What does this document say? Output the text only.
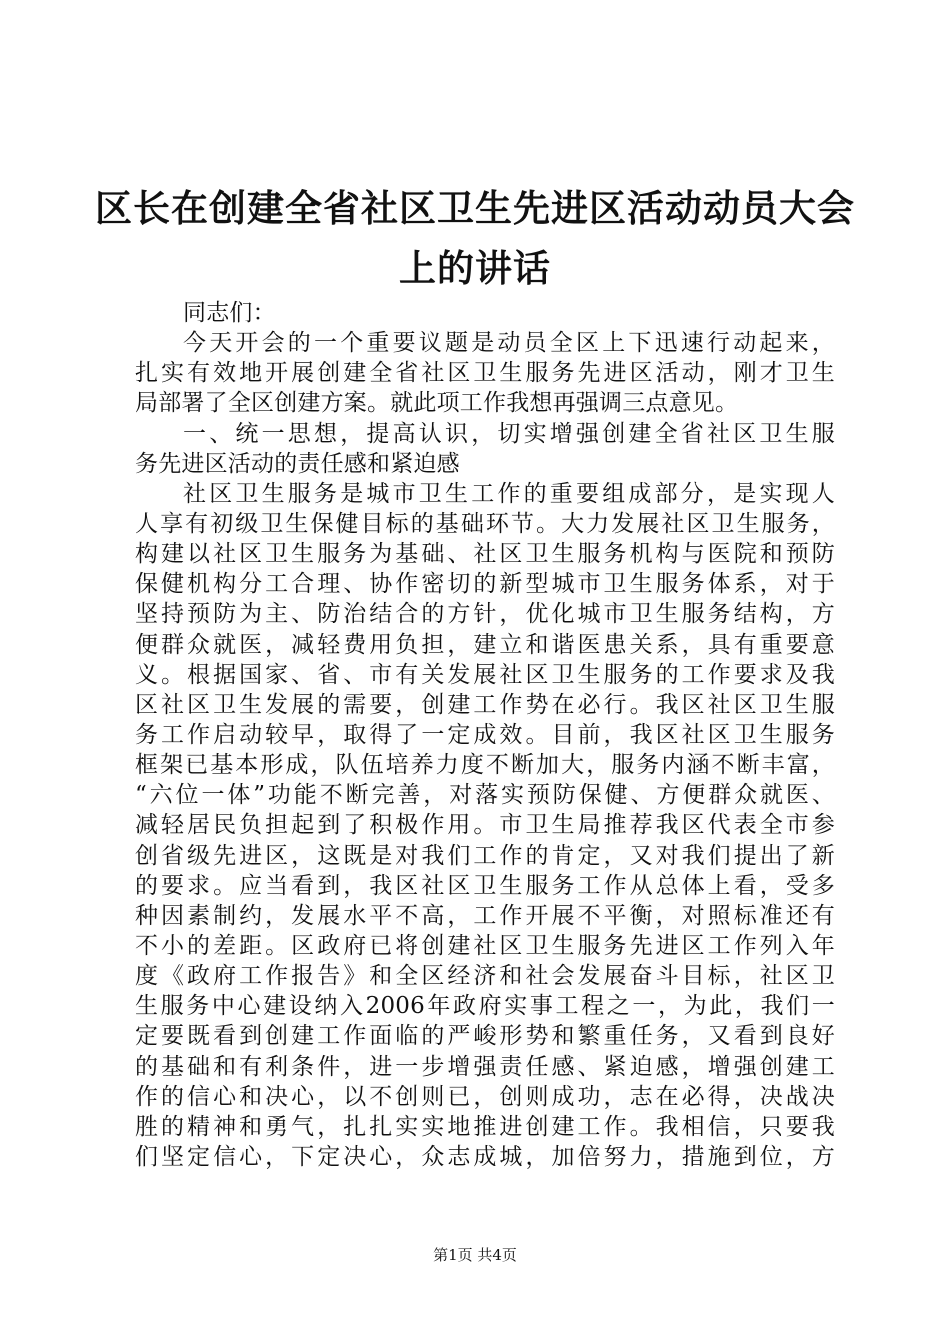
区长在创建全省社区卫生先进区活动动员大会
上的讲话
同志们：
今天开会的一个重要议题是动员全区上下迅速行动起来，
扎实有效地开展创建全省社区卫生服务先进区活动，刚才卫生
局部署了全区创建方案。就此项工作我想再强调三点意见。
一、统一思想，提高认识，切实增强创建全省社区卫生服
务先进区活动的责任感和紧迫感
社区卫生服务是城市卫生工作的重要组成部分，是实现人
人享有初级卫生保健目标的基础环节。大力发展社区卫生服务，
构建以社区卫生服务为基础、社区卫生服务机构与医院和预防
保健机构分工合理、协作密切的新型城市卫生服务体系，对于
坚持预防为主、防治结合的方针，优化城市卫生服务结构，方
便群众就医，减轻费用负担，建立和谐医患关系，具有重要意
义。根据国家、省、市有关发展社区卫生服务的工作要求及我
区社区卫生发展的需要，创建工作势在必行。我区社区卫生服
务工作启动较早，取得了一定成效。目前，我区社区卫生服务
框架已基本形成，队伍培养力度不断加大，服务内涵不断丰富，
“六位一体”功能不断完善，对落实预防保健、方便群众就医、
减轻居民负担起到了积极作用。市卫生局推荐我区代表全市参
创省级先进区，这既是对我们工作的肯定，又对我们提出了新
的要求。应当看到，我区社区卫生服务工作从总体上看，受多
种因素制约，发展水平不高，工作开展不平衡，对照标准还有
不小的差距。区政府已将创建社区卫生服务先进区工作列入年
度《政府工作报告》和全区经济和社会发展奋斗目标，社区卫
生服务中心建设纳入2006年政府实事工程之一，为此，我们一
定要既看到创建工作面临的严峻形势和繁重任务，又看到良好
的基础和有利条件，进一步增强责任感、紧迫感，增强创建工
作的信心和决心，以不创则已，创则成功，志在必得，决战决
胜的精神和勇气，扎扎实实地推进创建工作。我相信，只要我
们坚定信心，下定决心，众志成城，加倍努力，措施到位，方
第1页 共4页
